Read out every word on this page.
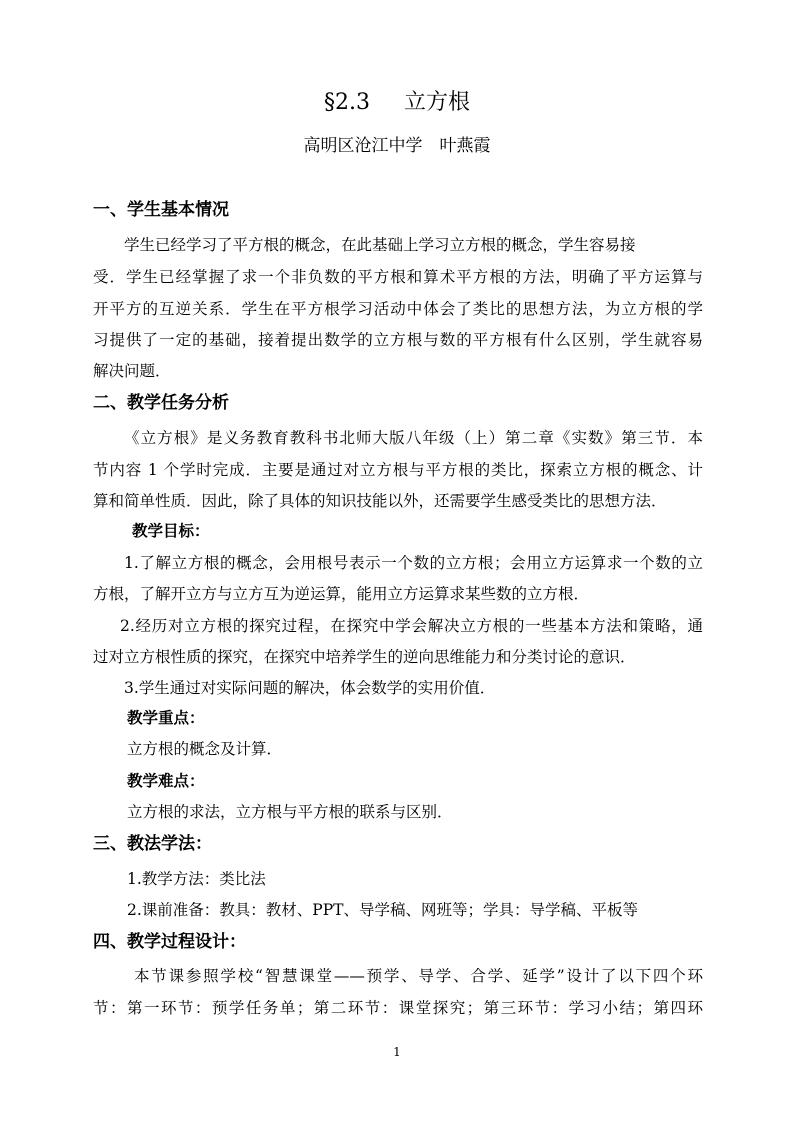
§2.3 立方根
高明区沧江中学　叶燕霞
一、学生基本情况
学生已经学习了平方根的概念，在此基础上学习立方根的概念，学生容易接
受．学生已经掌握了求一个非负数的平方根和算术平方根的方法，明确了平方运算与
开平方的互逆关系．学生在平方根学习活动中体会了类比的思想方法，为立方根的学
习提供了一定的基础，接着提出数学的立方根与数的平方根有什么区别，学生就容易
解决问题．
二、教学任务分析
《立方根》是义务教育教科书北师大版八年级（上）第二章《实数》第三节．本
节内容 1 个学时完成．主要是通过对立方根与平方根的类比，探索立方根的概念、计
算和简单性质．因此，除了具体的知识技能以外，还需要学生感受类比的思想方法．
教学目标：
1.了解立方根的概念，会用根号表示一个数的立方根；会用立方运算求一个数的立
方根，了解开立方与立方互为逆运算，能用立方运算求某些数的立方根．
2.经历对立方根的探究过程，在探究中学会解决立方根的一些基本方法和策略，通
过对立方根性质的探究，在探究中培养学生的逆向思维能力和分类讨论的意识．
3.学生通过对实际问题的解决，体会数学的实用价值．
教学重点：
立方根的概念及计算．
教学难点：
立方根的求法，立方根与平方根的联系与区别．
三、教法学法：
1.教学方法：类比法
2.课前准备：教具：教材、PPT、导学稿、网班等；学具：导学稿、平板等
四、教学过程设计：
本节课参照学校“智慧课堂——预学、导学、合学、延学”设计了以下四个环
节：第一环节：预学任务单；第二环节：课堂探究；第三环节：学习小结；第四环
1
